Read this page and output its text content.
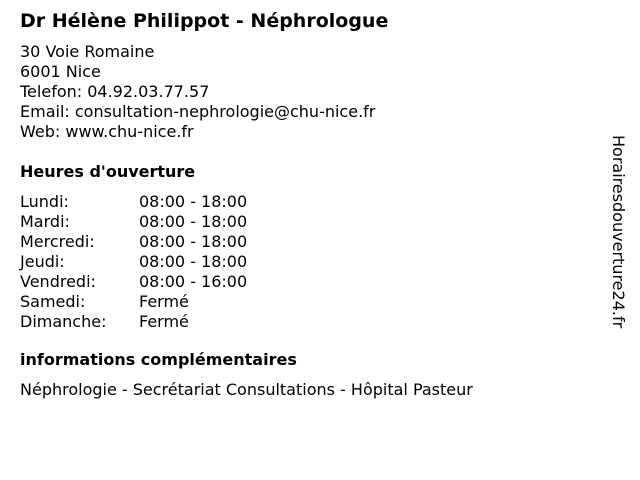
Dr Hélène Philippot - Néphrologue
30 Voie Romaine
6001 Nice
Telefon: 04.92.03.77.57
Email: consultation-nephrologie@chu-nice.fr
Web: www.chu-nice.fr
Heures d'ouverture
Lundi:	08:00 - 18:00
Mardi:	08:00 - 18:00
Mercredi:	08:00 - 18:00
Jeudi:	08:00 - 18:00
Vendredi:	08:00 - 16:00
Samedi:	Fermé
Dimanche:	Fermé
informations complémentaires
Néphrologie - Secrétariat Consultations - Hôpital Pasteur
Horairesdouverture24.fr
